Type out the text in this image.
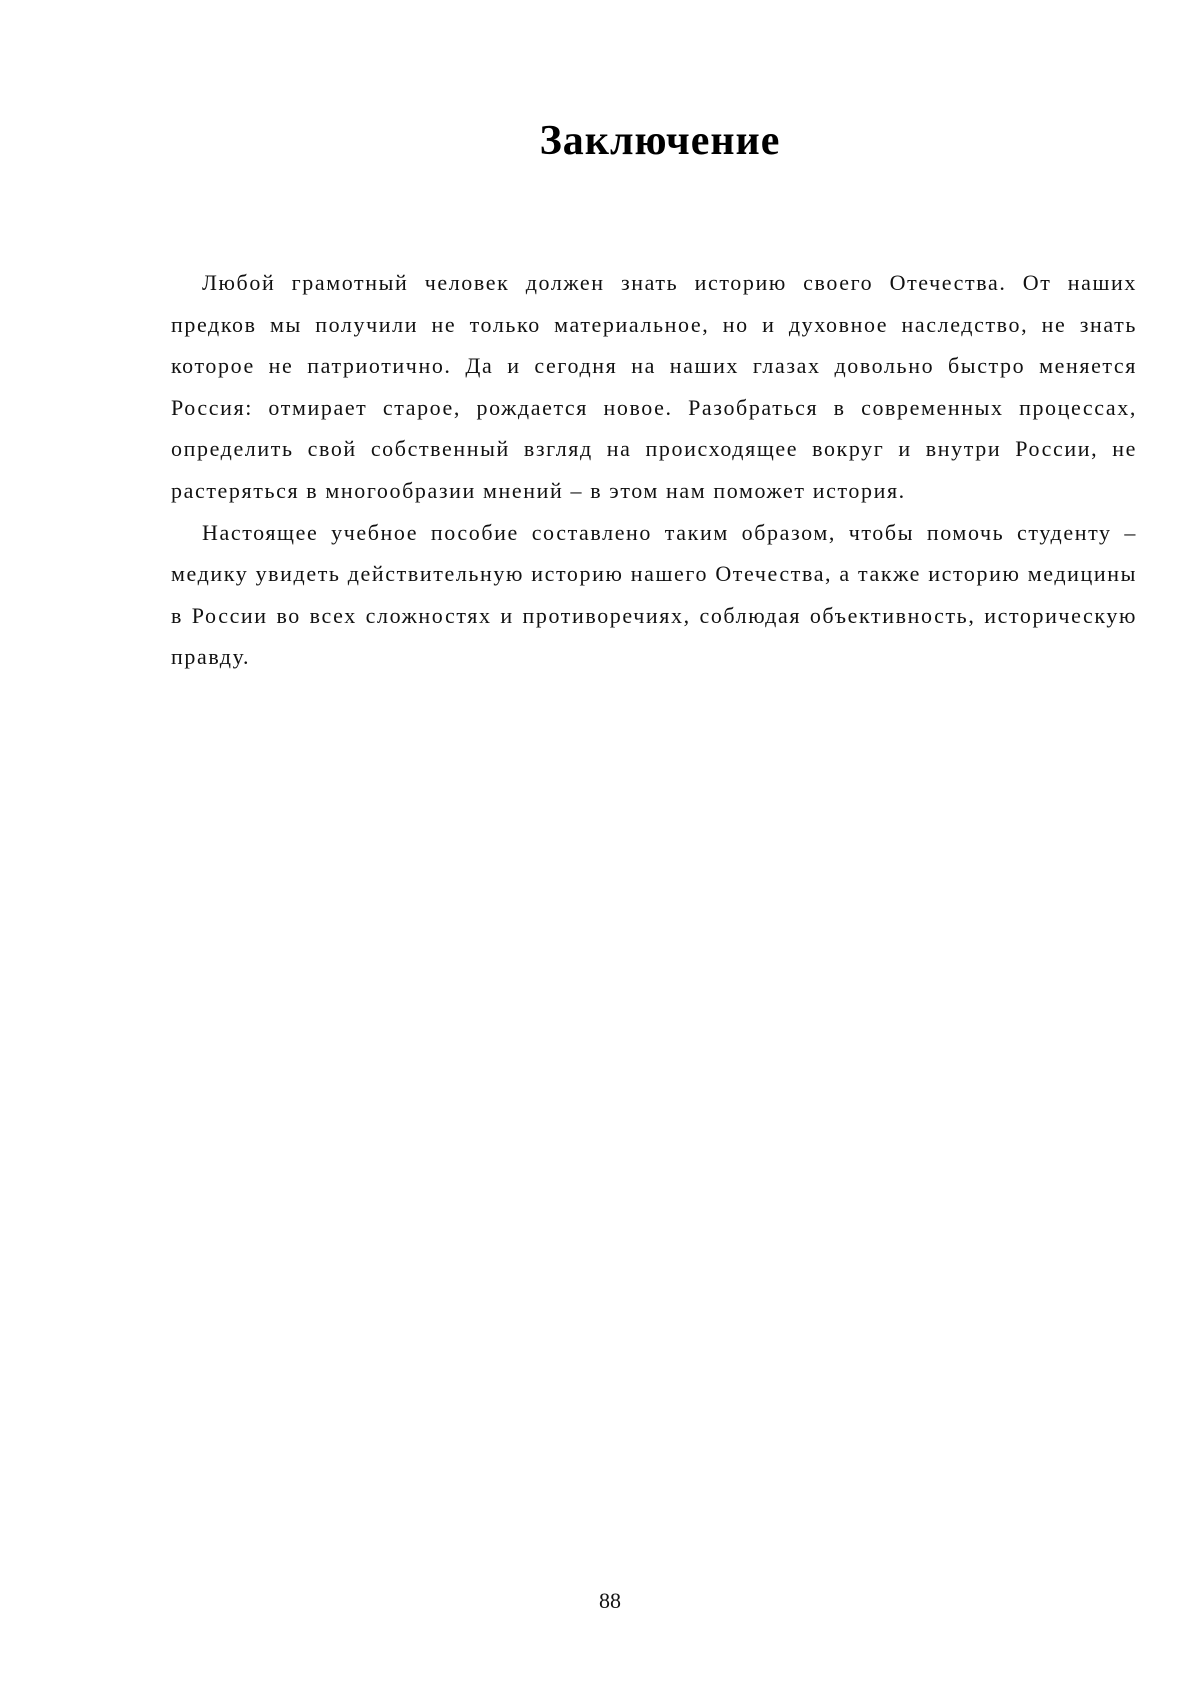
Заключение

Любой грамотный человек должен знать историю своего Отечества. От наших предков мы получили не только материальное, но и духовное наследство, не знать которое не патриотично. Да и сегодня на наших глазах довольно быстро меняется Россия: отмирает старое, рождается новое. Разобраться в современных процессах, определить свой собственный взгляд на происходящее вокруг и внутри России, не растеряться в многообразии мнений – в этом нам поможет история.

Настоящее учебное пособие составлено таким образом, чтобы помочь студенту – медику увидеть действительную историю нашего Отечества, а также историю медицины в России во всех сложностях и противоречиях, соблюдая объективность, историческую правду.

88
